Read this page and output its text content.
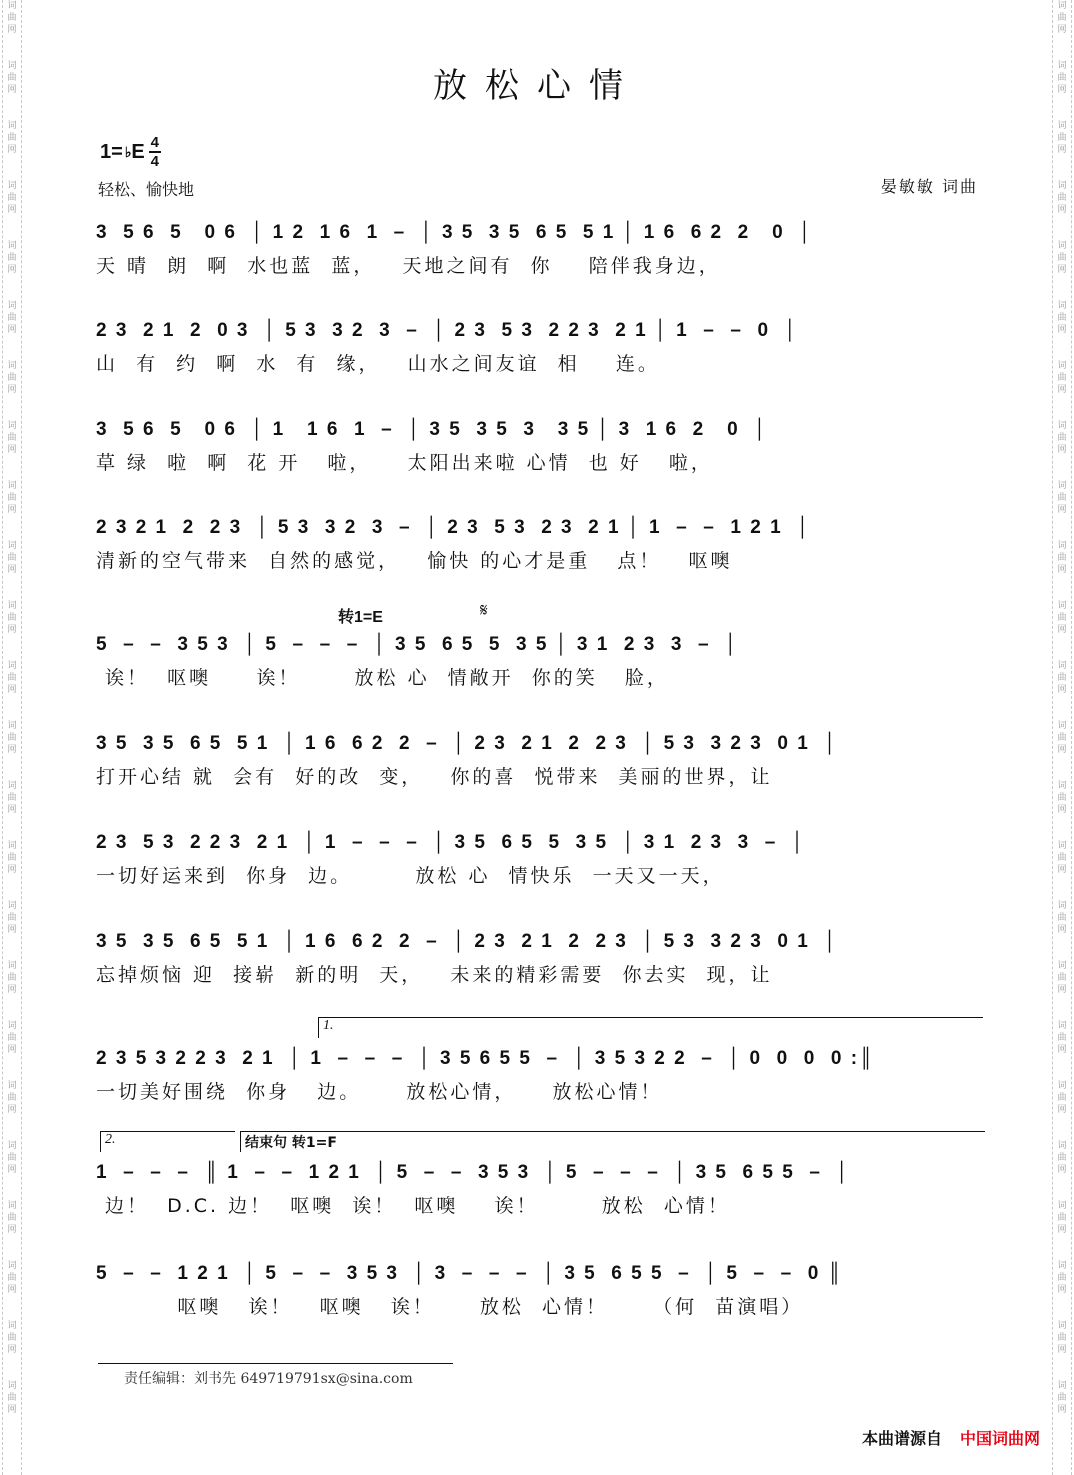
词
曲
网
词
曲
网
词
曲
网
词
曲
网
词
曲
网
词
曲
网
词
曲
网
词
曲
网
词
曲
网
词
曲
网
词
曲
网
词
曲
网
词
曲
网
词
曲
网
词
曲
网
词
曲
网
词
曲
网
词
曲
网
词
曲
网
词
曲
网
词
曲
网
词
曲
网
词
曲
网
词
曲
网
词
曲
网
词
曲
网
词
曲
网
词
曲
网
词
曲
网
词
曲
网
词
曲
网
词
曲
网
词
曲
网
词
曲
网
词
曲
网
词
曲
网
词
曲
网
词
曲
网
词
曲
网
词
曲
网
词
曲
网
词
曲
网
词
曲
网
词
曲
网
词
曲
网
词
曲
网
词
曲
网
词
曲
网
放松心情
1= ♭ E $\frac{4}{4}$
轻松、愉快地	晏敏敏 词曲
3  5 6  5   0 6  │ 1 2  1 6  1  –  │ 3 5  3 5  6 5  5 1 │ 1 6  6 2  2   0  │
天 晴  朗  啊  水也蓝  蓝，   天地之间有  你    陪伴我身边，
2 3  2 1  2  0 3  │ 5 3  3 2  3  –  │ 2 3  5 3  2 2 3  2 1 │ 1  –  –  0  │
山  有  约  啊  水  有  缘，   山水之间友谊  相    连。
3  5 6  5   0 6  │ 1   1 6  1  –  │ 3 5  3 5  3   3 5 │ 3  1 6  2   0  │
草 绿  啦  啊  花 开   啦，    太阳出来啦 心情  也 好   啦，
2 3 2 1  2  2 3  │ 5 3  3 2  3  –  │ 2 3  5 3  2 3  2 1 │ 1  –  –  1 2 1  │
清新的空气带来  自然的感觉，   愉快 的心才是重   点！   呕噢
转1=E	𝄋
5  –  –  3 5 3  │ 5  –  –  –  │ 3 5  6 5  5  3 5 │ 3 1  2 3  3  –  │
诶！  呕噢     诶！      放松 心  情敞开  你的笑   脸，
3 5  3 5  6 5  5 1  │ 1 6  6 2  2  –  │ 2 3  2 1  2  2 3  │ 5 3  3 2 3  0 1  │
打开心结 就  会有  好的改  变，   你的喜  悦带来  美丽的世界，让
2 3  5 3  2 2 3  2 1  │ 1  –  –  –  │ 3 5  6 5  5  3 5  │ 3 1  2 3  3  –  │
一切好运来到  你身  边。       放松 心  情快乐  一天又一天，
3 5  3 5  6 5  5 1  │ 1 6  6 2  2  –  │ 2 3  2 1  2  2 3  │ 5 3  3 2 3  0 1  │
忘掉烦恼 迎  接崭  新的明  天，   未来的精彩需要  你去实  现，让
1.
2 3 5 3 2 2 3  2 1  │ 1  –  –  –  │ 3 5 6 5 5  –  │ 3 5 3 2 2  –  │ 0  0  0  0 :║
一切美好围绕  你身   边。     放松心情，    放松心情！
2.	结束句 转1=F
1  –  –  –  ║ 1  –  –  1 2 1  │ 5  –  –  3 5 3  │ 5  –  –  –  │ 3 5  6 5 5  –  │
边！  D.C. 边！  呕噢  诶！  呕噢    诶！       放松  心情！
5  –  –  1 2 1  │ 5  –  –  3 5 3  │ 3  –  –  –  │ 3 5  6 5 5  –  │ 5  –  –  0 ║
呕噢   诶！   呕噢   诶！     放松  心情！     （何  苗演唱）
责任编辑：刘书先 649719791sx@sina.com
本曲谱源自 中国词曲网
